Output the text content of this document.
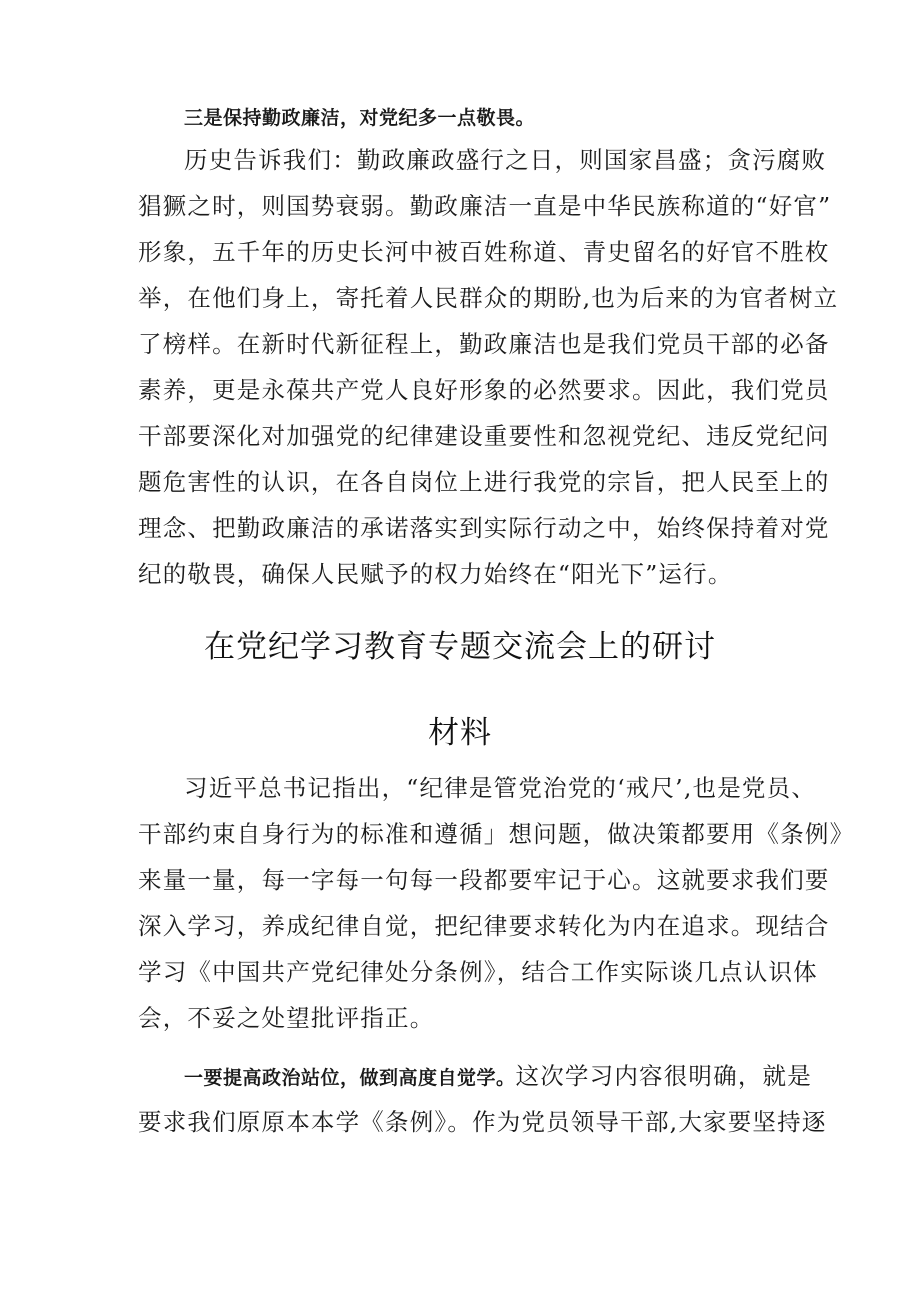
三是保持勤政廉洁，对党纪多一点敬畏。
历史告诉我们：勤政廉政盛行之日，则国家昌盛；贪污腐败
猖獗之时，则国势衰弱。勤政廉洁一直是中华民族称道的“好官”
形象，五千年的历史长河中被百姓称道、青史留名的好官不胜枚
举，在他们身上，寄托着人民群众的期盼,也为后来的为官者树立
了榜样。在新时代新征程上，勤政廉洁也是我们党员干部的必备
素养，更是永葆共产党人良好形象的必然要求。因此，我们党员
干部要深化对加强党的纪律建设重要性和忽视党纪、违反党纪问
题危害性的认识，在各自岗位上进行我党的宗旨，把人民至上的
理念、把勤政廉洁的承诺落实到实际行动之中，始终保持着对党
纪的敬畏，确保人民赋予的权力始终在“阳光下”运行。
在党纪学习教育专题交流会上的研讨
材料
习近平总书记指出，“纪律是管党治党的‘戒尺’,也是党员、
干部约束自身行为的标准和遵循」想问题，做决策都要用《条例》
来量一量，每一字每一句每一段都要牢记于心。这就要求我们要
深入学习，养成纪律自觉，把纪律要求转化为内在追求。现结合
学习《中国共产党纪律处分条例》，结合工作实际谈几点认识体
会，不妥之处望批评指正。
一要提高政治站位，做到高度自觉学。这次学习内容很明确，就是
要求我们原原本本学《条例》。作为党员领导干部,大家要坚持逐
